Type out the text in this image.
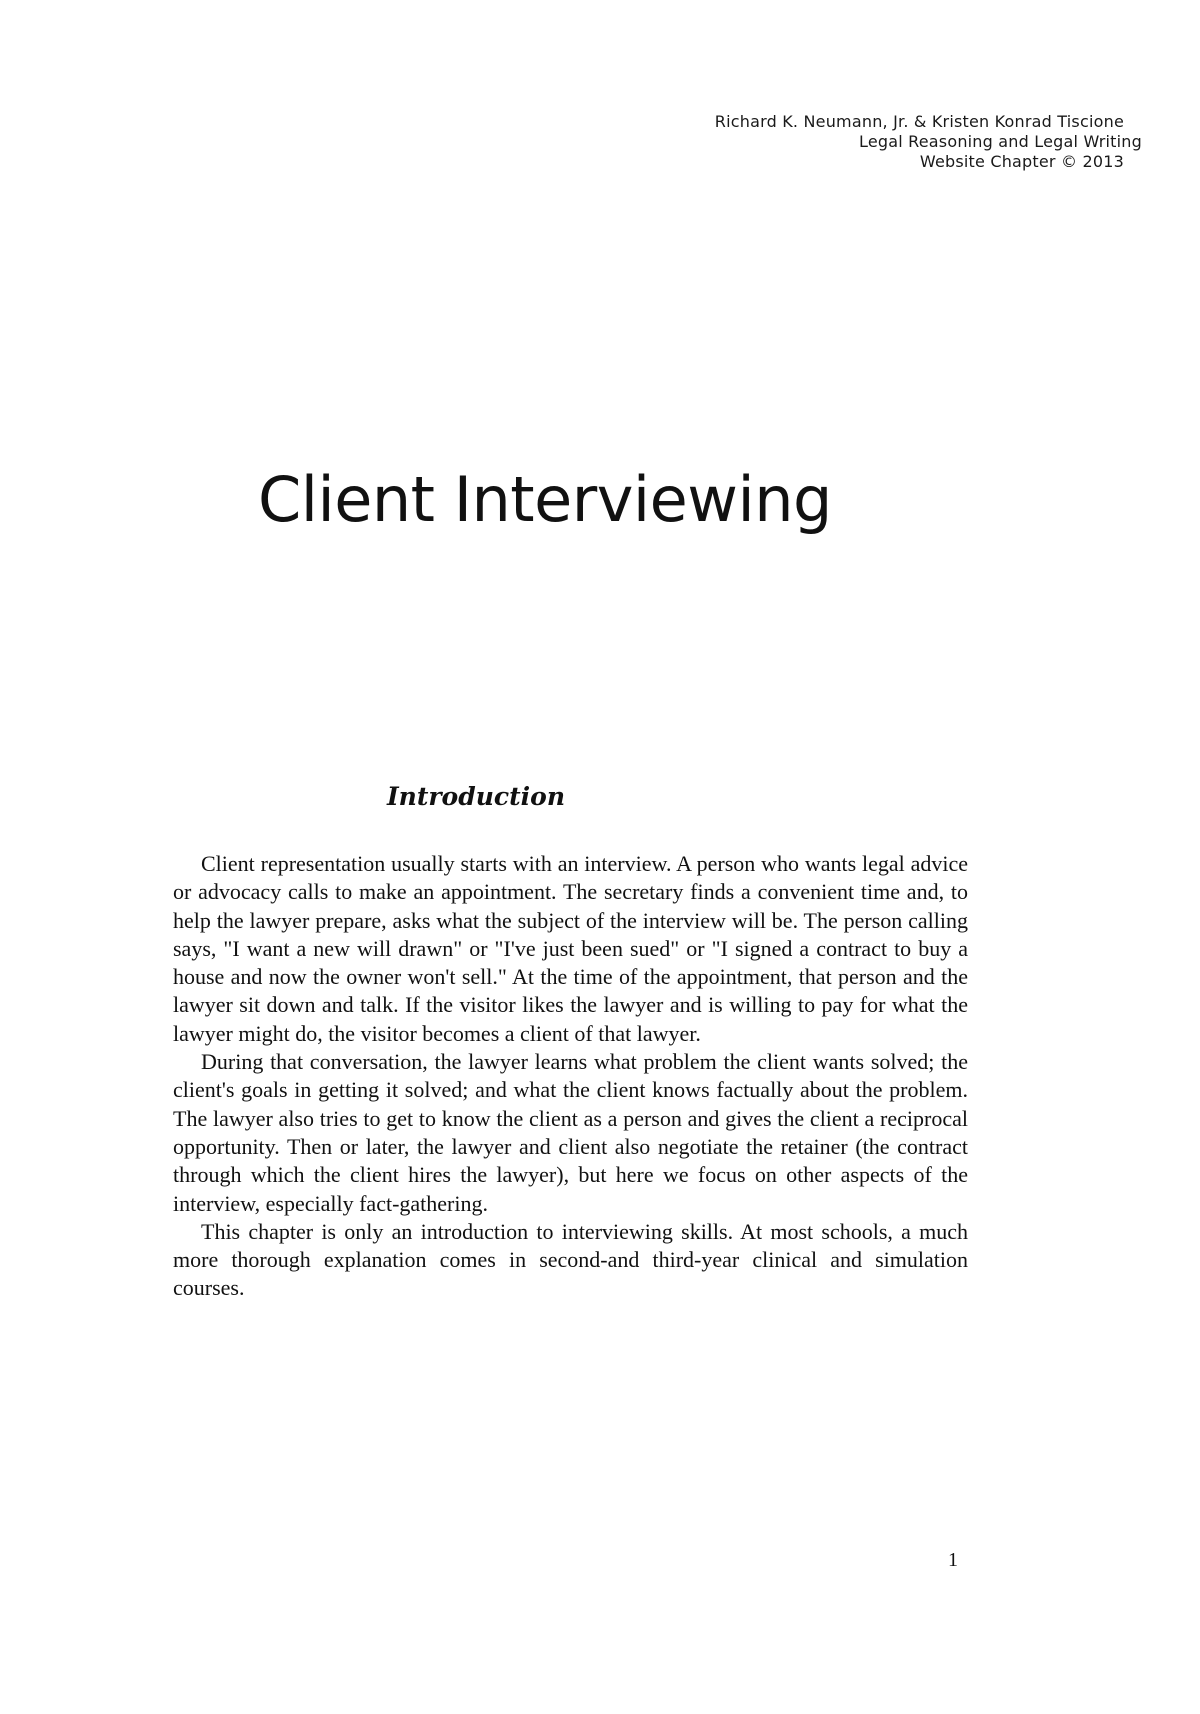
Richard K. Neumann, Jr. & Kristen Konrad Tiscione
Legal Reasoning and Legal Writing
Website Chapter © 2013
Client Interviewing
Introduction

Client representation usually starts with an interview. A person who wants legal advice or advocacy calls to make an appointment. The secretary finds a convenient time and, to help the lawyer prepare, asks what the subject of the interview will be. The person calling says, "I want a new will drawn" or "I've just been sued" or "I signed a contract to buy a house and now the owner won't sell." At the time of the appointment, that person and the lawyer sit down and talk. If the visitor likes the lawyer and is willing to pay for what the lawyer might do, the visitor becomes a client of that lawyer.

During that conversation, the lawyer learns what problem the client wants solved; the client's goals in getting it solved; and what the client knows factually about the problem. The lawyer also tries to get to know the client as a person and gives the client a reciprocal opportunity. Then or later, the lawyer and client also negotiate the retainer (the contract through which the client hires the lawyer), but here we focus on other aspects of the interview, especially fact-gathering.

This chapter is only an introduction to interviewing skills. At most schools, a much more thorough explanation comes in second-and third-year clinical and simulation courses.

1
